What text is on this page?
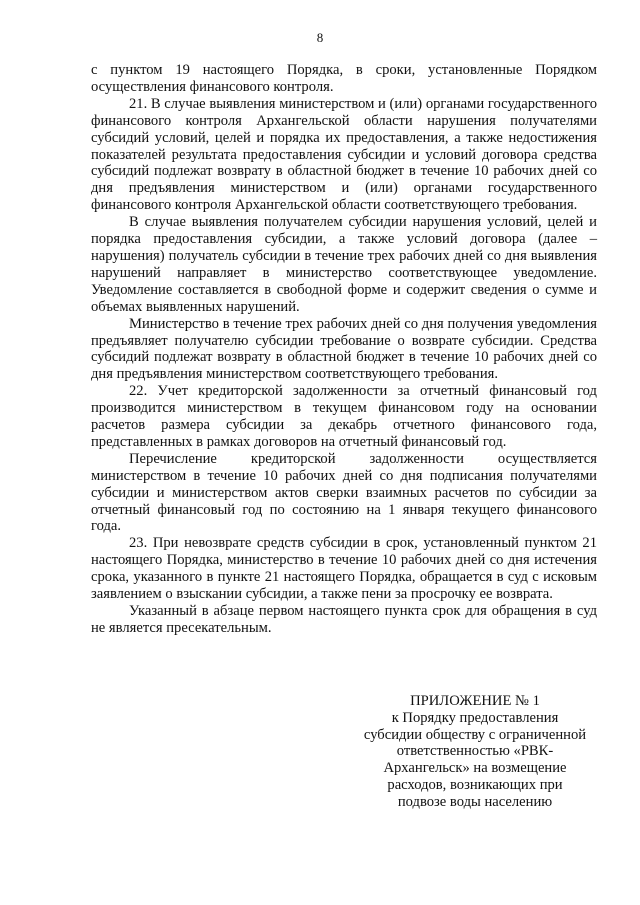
8

с пунктом 19 настоящего Порядка, в сроки, установленные Порядком осуществления финансового контроля.

21. В случае выявления министерством и (или) органами государственного финансового контроля Архангельской области нарушения получателями субсидий условий, целей и порядка их предоставления, а также недостижения показателей результата предоставления субсидии и условий договора средства субсидий подлежат возврату в областной бюджет в течение 10 рабочих дней со дня предъявления министерством и (или) органами государственного финансового контроля Архангельской области соответствующего требования.

В случае выявления получателем субсидии нарушения условий, целей и порядка предоставления субсидии, а также условий договора (далее – нарушения) получатель субсидии в течение трех рабочих дней со дня выявления нарушений направляет в министерство соответствующее уведомление. Уведомление составляется в свободной форме и содержит сведения о сумме и объемах выявленных нарушений.

Министерство в течение трех рабочих дней со дня получения уведомления предъявляет получателю субсидии требование о возврате субсидии. Средства субсидий подлежат возврату в областной бюджет в течение 10 рабочих дней со дня предъявления министерством соответствующего требования.

22. Учет кредиторской задолженности за отчетный финансовый год производится министерством в текущем финансовом году на основании расчетов размера субсидии за декабрь отчетного финансового года, представленных в рамках договоров на отчетный финансовый год.

Перечисление кредиторской задолженности осуществляется министерством в течение 10 рабочих дней со дня подписания получателями субсидии и министерством актов сверки взаимных расчетов по субсидии за отчетный финансовый год по состоянию на 1 января текущего финансового года.

23. При невозврате средств субсидии в срок, установленный пунктом 21 настоящего Порядка, министерство в течение 10 рабочих дней со дня истечения срока, указанного в пункте 21 настоящего Порядка, обращается в суд с исковым заявлением о взыскании субсидии, а также пени за просрочку ее возврата.

Указанный в абзаце первом настоящего пункта срок для обращения в суд не является пресекательным.

ПРИЛОЖЕНИЕ № 1
к Порядку предоставления
субсидии обществу с ограниченной
ответственностью «РВК-
Архангельск» на возмещение
расходов, возникающих при
подвозе воды населению
